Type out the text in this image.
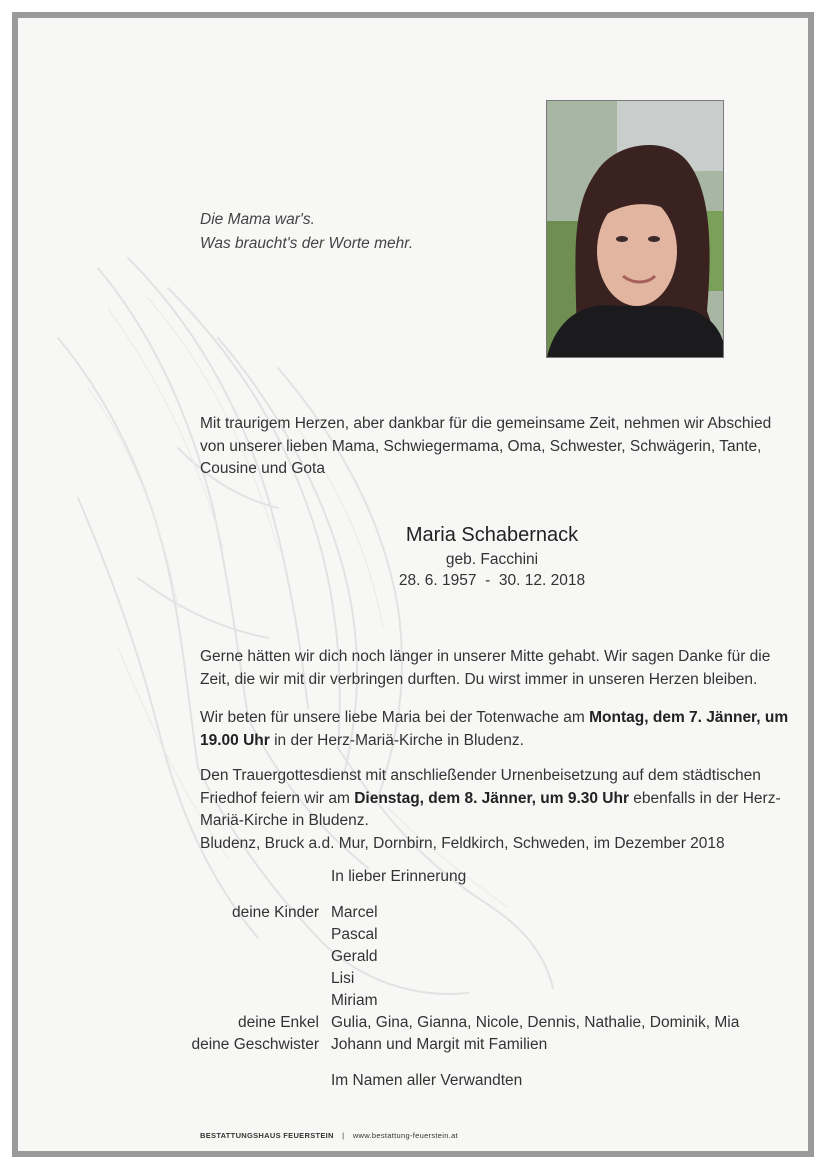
Die Mama war's.
Was braucht's der Worte mehr.
Mit traurigem Herzen, aber dankbar für die gemeinsame Zeit, nehmen wir Abschied von unserer lieben Mama, Schwiegermama, Oma, Schwester, Schwägerin, Tante, Cousine und Gota
Maria Schabernack
geb. Facchini
28. 6. 1957  -  30. 12. 2018
Gerne hätten wir dich noch länger in unserer Mitte gehabt. Wir sagen Danke für die Zeit, die wir mit dir verbringen durften. Du wirst immer in unseren Herzen bleiben.
Wir beten für unsere liebe Maria bei der Totenwache am Montag, dem 7. Jänner, um 19.00 Uhr in der Herz-Mariä-Kirche in Bludenz.
Den Trauergottesdienst mit anschließender Urnenbeisetzung auf dem städtischen Friedhof feiern wir am Dienstag, dem 8. Jänner, um 9.30 Uhr ebenfalls in der Herz-Mariä-Kirche in Bludenz.
Bludenz, Bruck a.d. Mur, Dornbirn, Feldkirch, Schweden, im Dezember 2018
In lieber Erinnerung
deine Kinder Marcel
Pascal
Gerald
Lisi
Miriam
deine Enkel Gulia, Gina, Gianna, Nicole, Dennis, Nathalie, Dominik, Mia
deine Geschwister Johann und Margit mit Familien
Im Namen aller Verwandten
BESTATTUNGSHAUS FEUERSTEIN | www.bestattung-feuerstein.at
